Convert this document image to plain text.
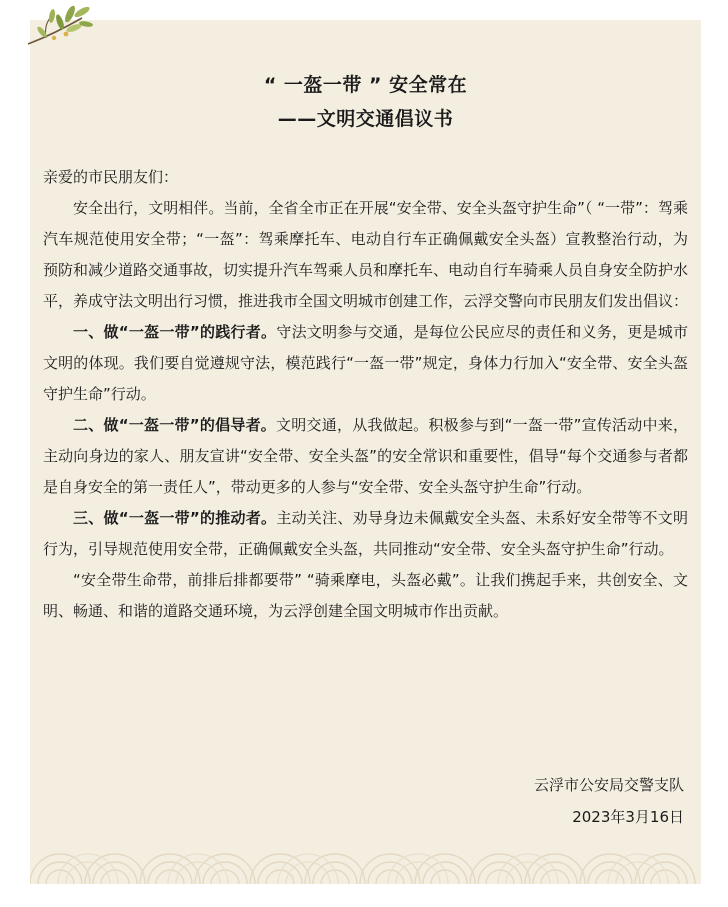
“ 一盔一带 ” 安全常在
——文明交通倡议书

亲爱的市民朋友们：

安全出行，文明相伴。当前，全省全市正在开展“安全带、安全头盔守护生命”（ “一带”：驾乘汽车规范使用安全带；“一盔”：驾乘摩托车、电动自行车正确佩戴安全头盔）宣教整治行动，为预防和减少道路交通事故，切实提升汽车驾乘人员和摩托车、电动自行车骑乘人员自身安全防护水平，养成守法文明出行习惯，推进我市全国文明城市创建工作，云浮交警向市民朋友们发出倡议：

一、做“一盔一带”的践行者。守法文明参与交通，是每位公民应尽的责任和义务，更是城市文明的体现。我们要自觉遵规守法，模范践行“一盔一带”规定，身体力行加入“安全带、安全头盔守护生命”行动。

二、做“一盔一带”的倡导者。文明交通，从我做起。积极参与到“一盔一带”宣传活动中来，主动向身边的家人、朋友宣讲“安全带、安全头盔”的安全常识和重要性，倡导“每个交通参与者都是自身安全的第一责任人”，带动更多的人参与“安全带、安全头盔守护生命”行动。

三、做“一盔一带”的推动者。主动关注、劝导身边未佩戴安全头盔、未系好安全带等不文明行为，引导规范使用安全带，正确佩戴安全头盔，共同推动“安全带、安全头盔守护生命”行动。

“安全带生命带，前排后排都要带” “骑乘摩电，头盔必戴”。让我们携起手来，共创安全、文明、畅通、和谐的道路交通环境，为云浮创建全国文明城市作出贡献。

云浮市公安局交警支队

2023年3月16日
